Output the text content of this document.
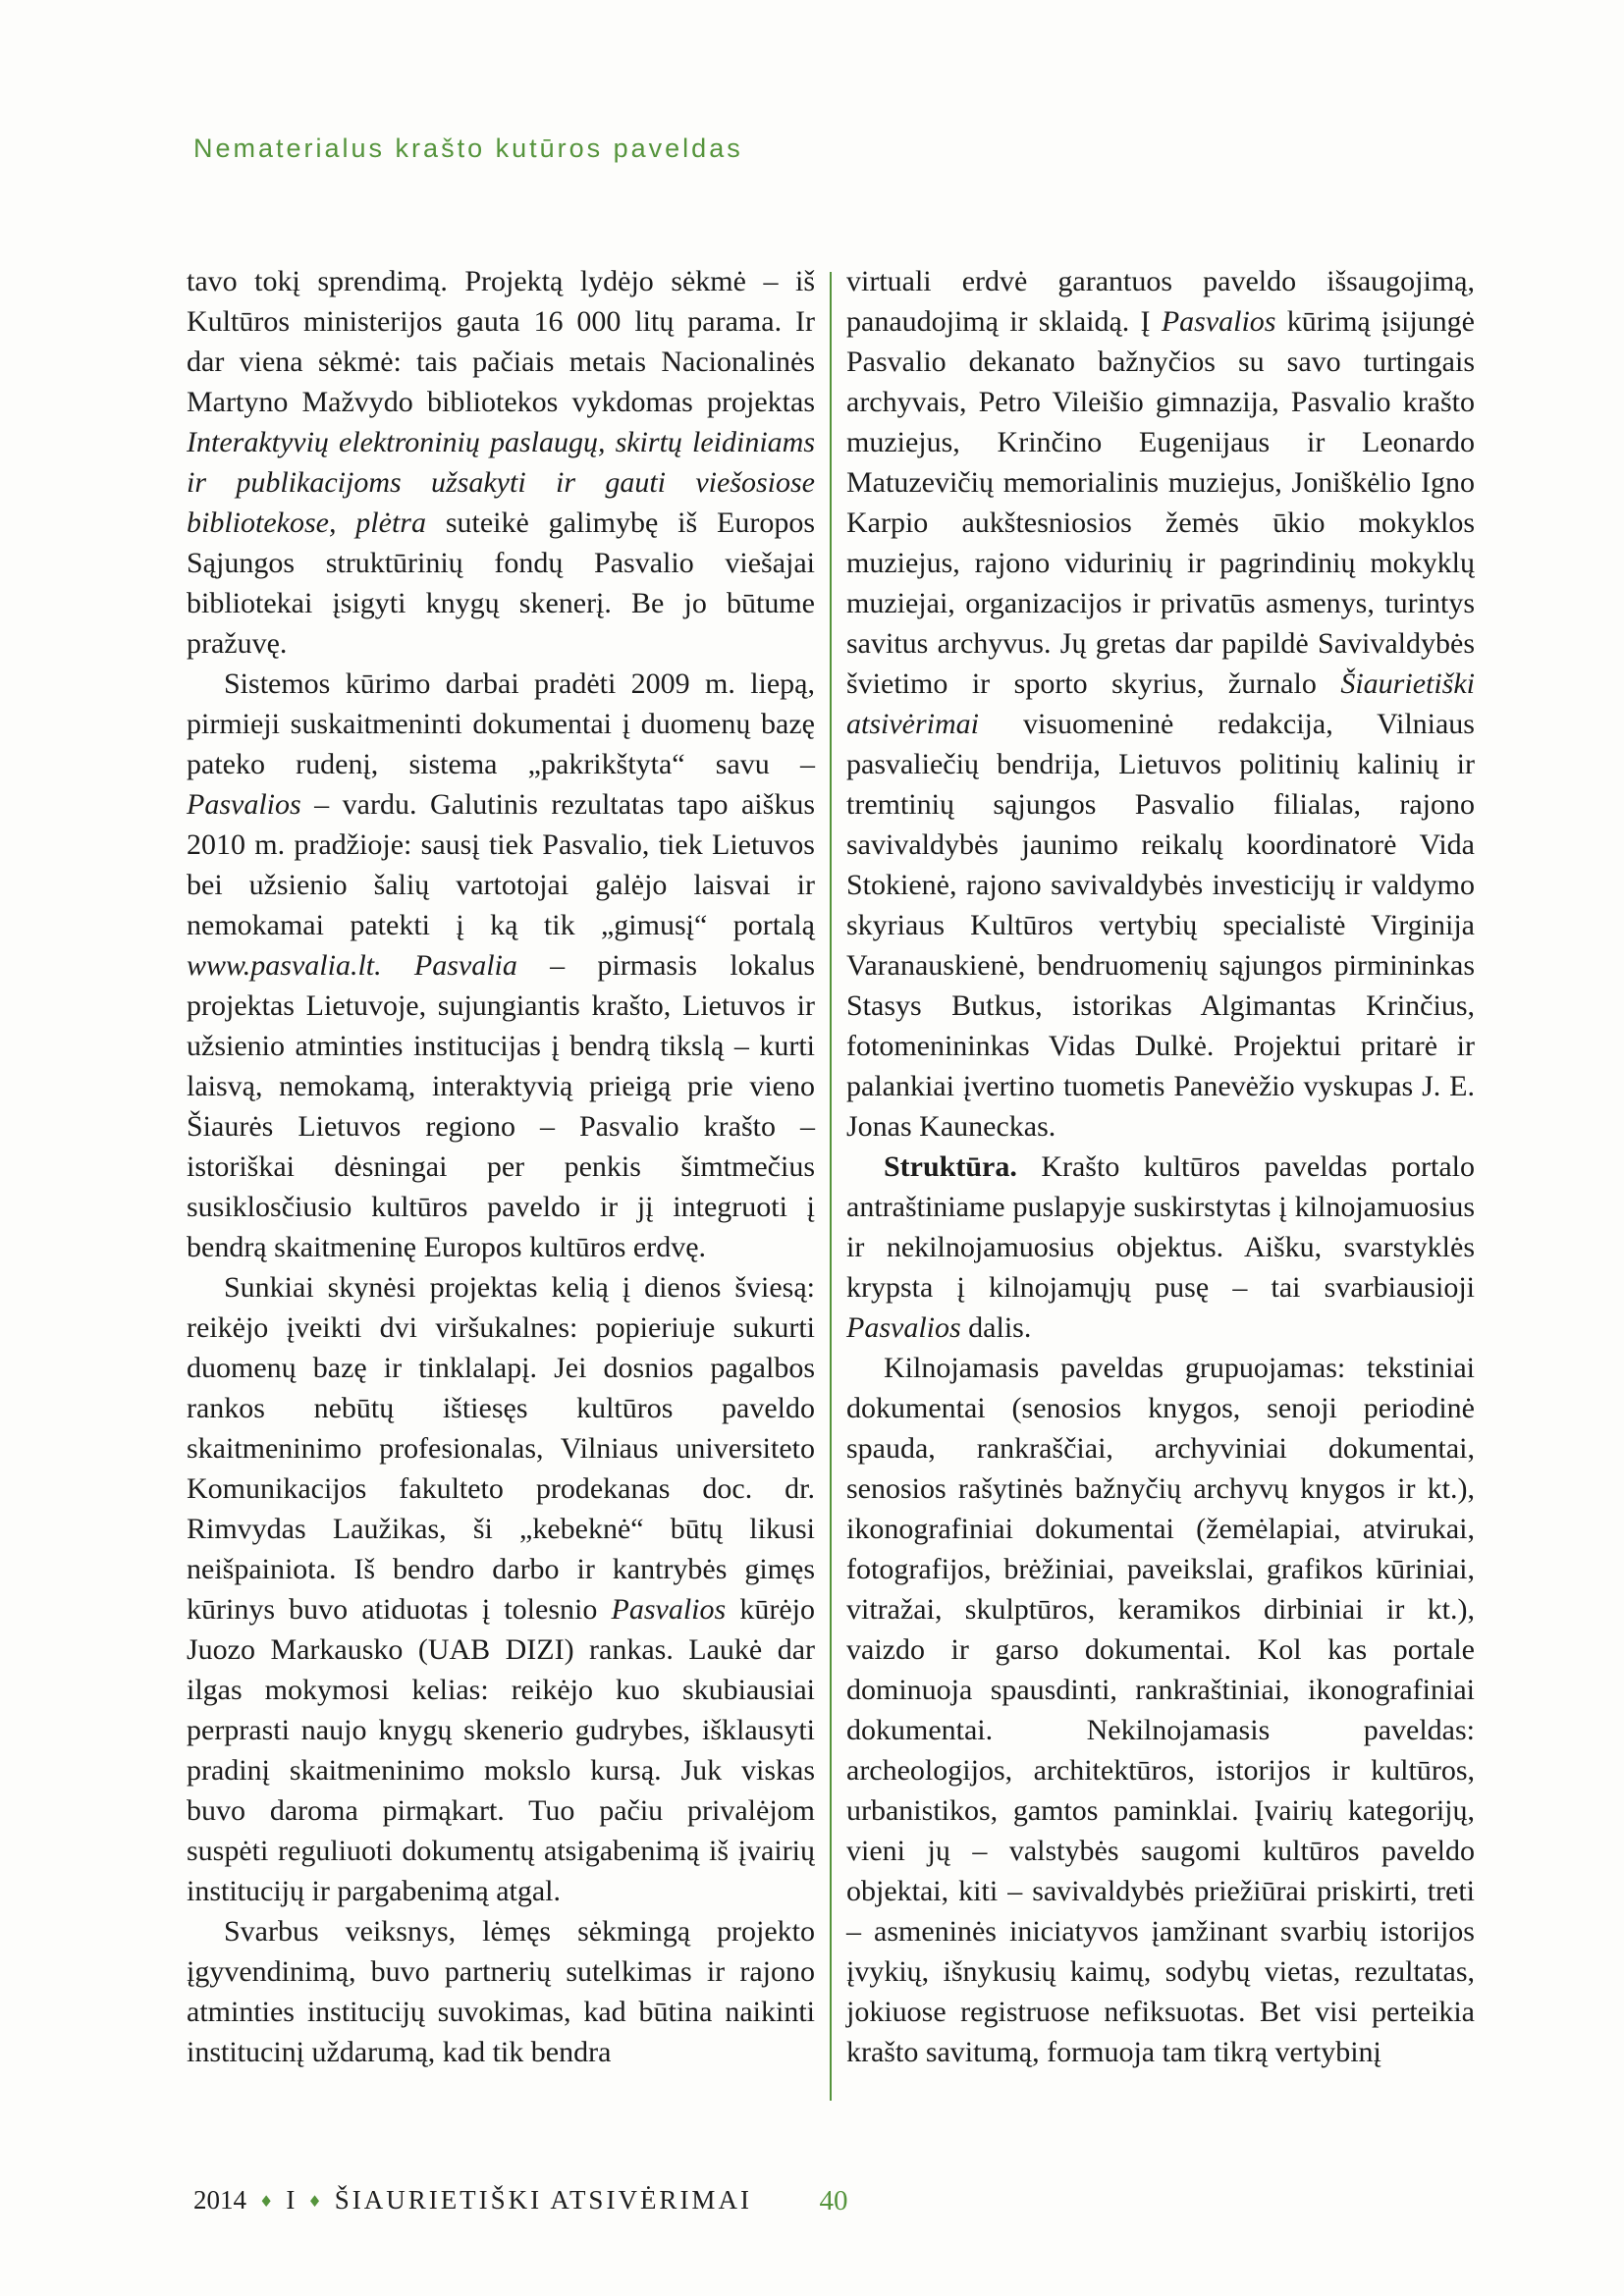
Nematerialus krašto kutūros paveldas

tavo tokį sprendimą. Projektą lydėjo sėkmė – iš Kultūros ministerijos gauta 16 000 litų parama. Ir dar viena sėkmė: tais pačiais metais Nacionalinės Martyno Mažvydo bibliotekos vykdomas projektas Interaktyvių elektroninių paslaugų, skirtų leidiniams ir publikacijoms užsakyti ir gauti viešosiose bibliotekose, plėtra suteikė galimybę iš Europos Sąjungos struktūrinių fondų Pasvalio viešajai bibliotekai įsigyti knygų skenerį. Be jo būtume pražuvę.

Sistemos kūrimo darbai pradėti 2009 m. liepą, pirmieji suskaitmeninti dokumentai į duomenų bazę pateko rudenį, sistema „pakrikštyta“ savu – Pasvalios – vardu. Galutinis rezultatas tapo aiškus 2010 m. pradžioje: sausį tiek Pasvalio, tiek Lietuvos bei užsienio šalių vartotojai galėjo laisvai ir nemokamai patekti į ką tik „gimusį“ portalą www.pasvalia.lt. Pasvalia – pirmasis lokalus projektas Lietuvoje, sujungiantis krašto, Lietuvos ir užsienio atminties institucijas į bendrą tikslą – kurti laisvą, nemokamą, interaktyvią prieigą prie vieno Šiaurės Lietuvos regiono – Pasvalio krašto – istoriškai dėsningai per penkis šimtmečius susiklosčiusio kultūros paveldo ir jį integruoti į bendrą skaitmeninę Europos kultūros erdvę.

Sunkiai skynėsi projektas kelią į dienos šviesą: reikėjo įveikti dvi viršukalnes: popieriuje sukurti duomenų bazę ir tinklalapį. Jei dosnios pagalbos rankos nebūtų ištiesęs kultūros paveldo skaitmeninimo profesionalas, Vilniaus universiteto Komunikacijos fakulteto prodekanas doc. dr. Rimvydas Laužikas, ši „kebeknė“ būtų likusi neišpainiota. Iš bendro darbo ir kantrybės gimęs kūrinys buvo atiduotas į tolesnio Pasvalios kūrėjo Juozo Markausko (UAB DIZI) rankas. Laukė dar ilgas mokymosi kelias: reikėjo kuo skubiausiai perprasti naujo knygų skenerio gudrybes, išklausyti pradinį skaitmeninimo mokslo kursą. Juk viskas buvo daroma pirmąkart. Tuo pačiu privalėjom suspėti reguliuoti dokumentų atsigabenimą iš įvairių institucijų ir pargabenimą atgal.

Svarbus veiksnys, lėmęs sėkmingą projekto įgyvendinimą, buvo partnerių sutelkimas ir rajono atminties institucijų suvokimas, kad būtina naikinti institucinį uždarumą, kad tik bendra

virtuali erdvė garantuos paveldo išsaugojimą, panaudojimą ir sklaidą. Į Pasvalios kūrimą įsijungė Pasvalio dekanato bažnyčios su savo turtingais archyvais, Petro Vileišio gimnazija, Pasvalio krašto muziejus, Krinčino Eugenijaus ir Leonardo Matuzevičių memorialinis muziejus, Joniškėlio Igno Karpio aukštesniosios žemės ūkio mokyklos muziejus, rajono vidurinių ir pagrindinių mokyklų muziejai, organizacijos ir privatūs asmenys, turintys savitus archyvus. Jų gretas dar papildė Savivaldybės švietimo ir sporto skyrius, žurnalo Šiaurietiški atsivėrimai visuomeninė redakcija, Vilniaus pasvaliečių bendrija, Lietuvos politinių kalinių ir tremtinių sąjungos Pasvalio filialas, rajono savivaldybės jaunimo reikalų koordinatorė Vida Stokienė, rajono savivaldybės investicijų ir valdymo skyriaus Kultūros vertybių specialistė Virginija Varanauskienė, bendruomenių sąjungos pirmininkas Stasys Butkus, istorikas Algimantas Krinčius, fotomenininkas Vidas Dulkė. Projektui pritarė ir palankiai įvertino tuometis Panevėžio vyskupas J. E. Jonas Kauneckas.

Struktūra. Krašto kultūros paveldas portalo antraštiniame puslapyje suskirstytas į kilnojamuosius ir nekilnojamuosius objektus. Aišku, svarstyklės krypsta į kilnojamųjų pusę – tai svarbiausioji Pasvalios dalis.

Kilnojamasis paveldas grupuojamas: tekstiniai dokumentai (senosios knygos, senoji periodinė spauda, rankraščiai, archyviniai dokumentai, senosios rašytinės bažnyčių archyvų knygos ir kt.), ikonografiniai dokumentai (žemėlapiai, atvirukai, fotografijos, brėžiniai, paveikslai, grafikos kūriniai, vitražai, skulptūros, keramikos dirbiniai ir kt.), vaizdo ir garso dokumentai. Kol kas portale dominuoja spausdinti, rankraštiniai, ikonografiniai dokumentai. Nekilnojamasis paveldas: archeologijos, architektūros, istorijos ir kultūros, urbanistikos, gamtos paminklai. Įvairių kategorijų, vieni jų – valstybės saugomi kultūros paveldo objektai, kiti – savivaldybės priežiūrai priskirti, treti – asmeninės iniciatyvos įamžinant svarbių istorijos įvykių, išnykusių kaimų, sodybų vietas, rezultatas, jokiuose registruose nefiksuotas. Bet visi perteikia krašto savitumą, formuoja tam tikrą vertybinį

2014 ♦ I ♦ ŠIAURIETIŠKI ATSIVĖRIMAI	40
